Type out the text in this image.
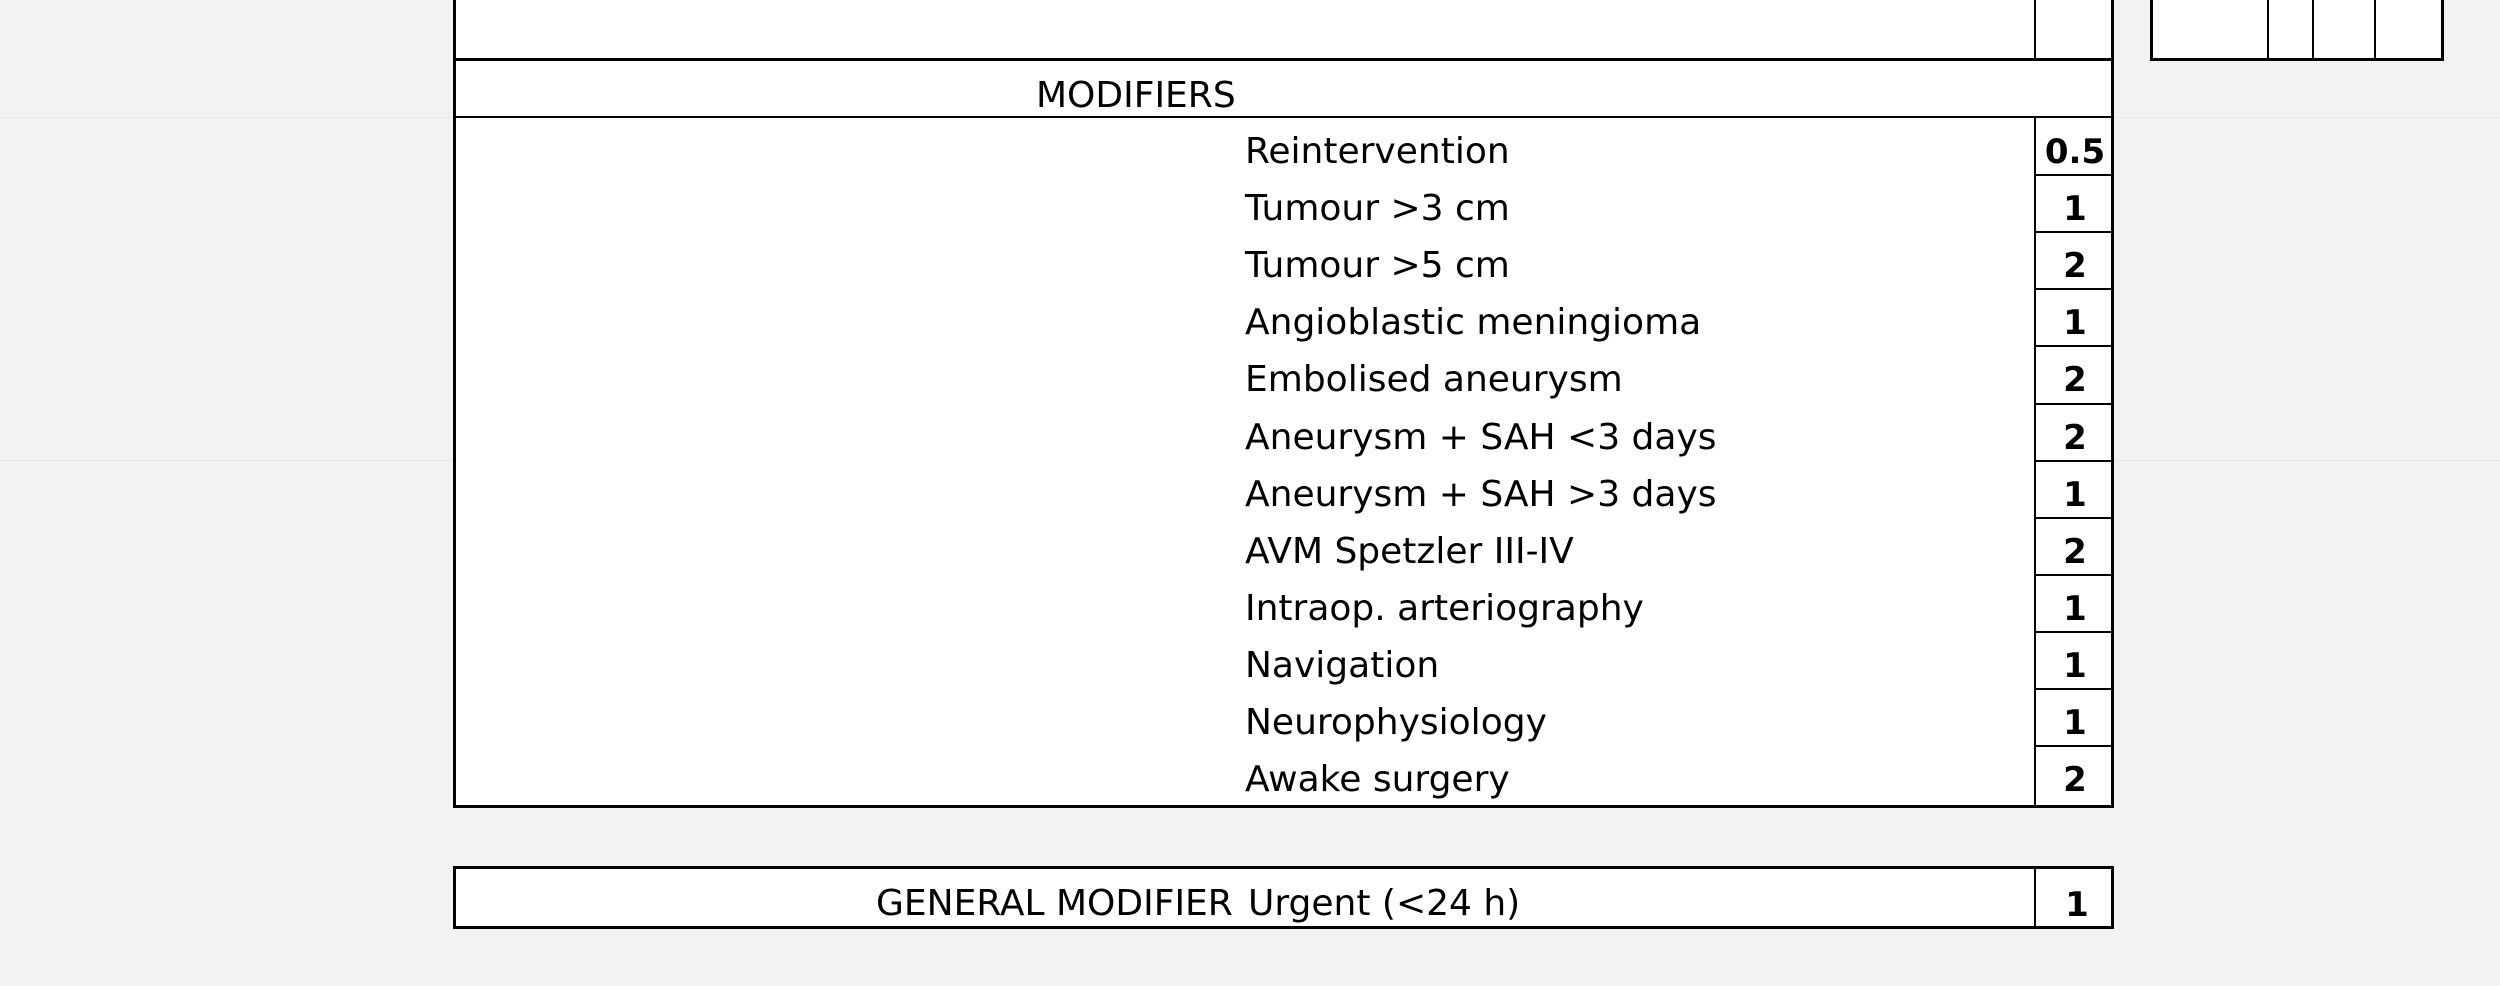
MODIFIERS
Reintervention	0.5
Tumour >3 cm	1
Tumour >5 cm	2
Angioblastic meningioma	1
Embolised aneurysm	2
Aneurysm + SAH <3 days	2
Aneurysm + SAH >3 days	1
AVM Spetzler III-IV	2
Intraop. arteriography	1
Navigation	1
Neurophysiology	1
Awake surgery	2
GENERAL MODIFIER Urgent (<24 h)	1
